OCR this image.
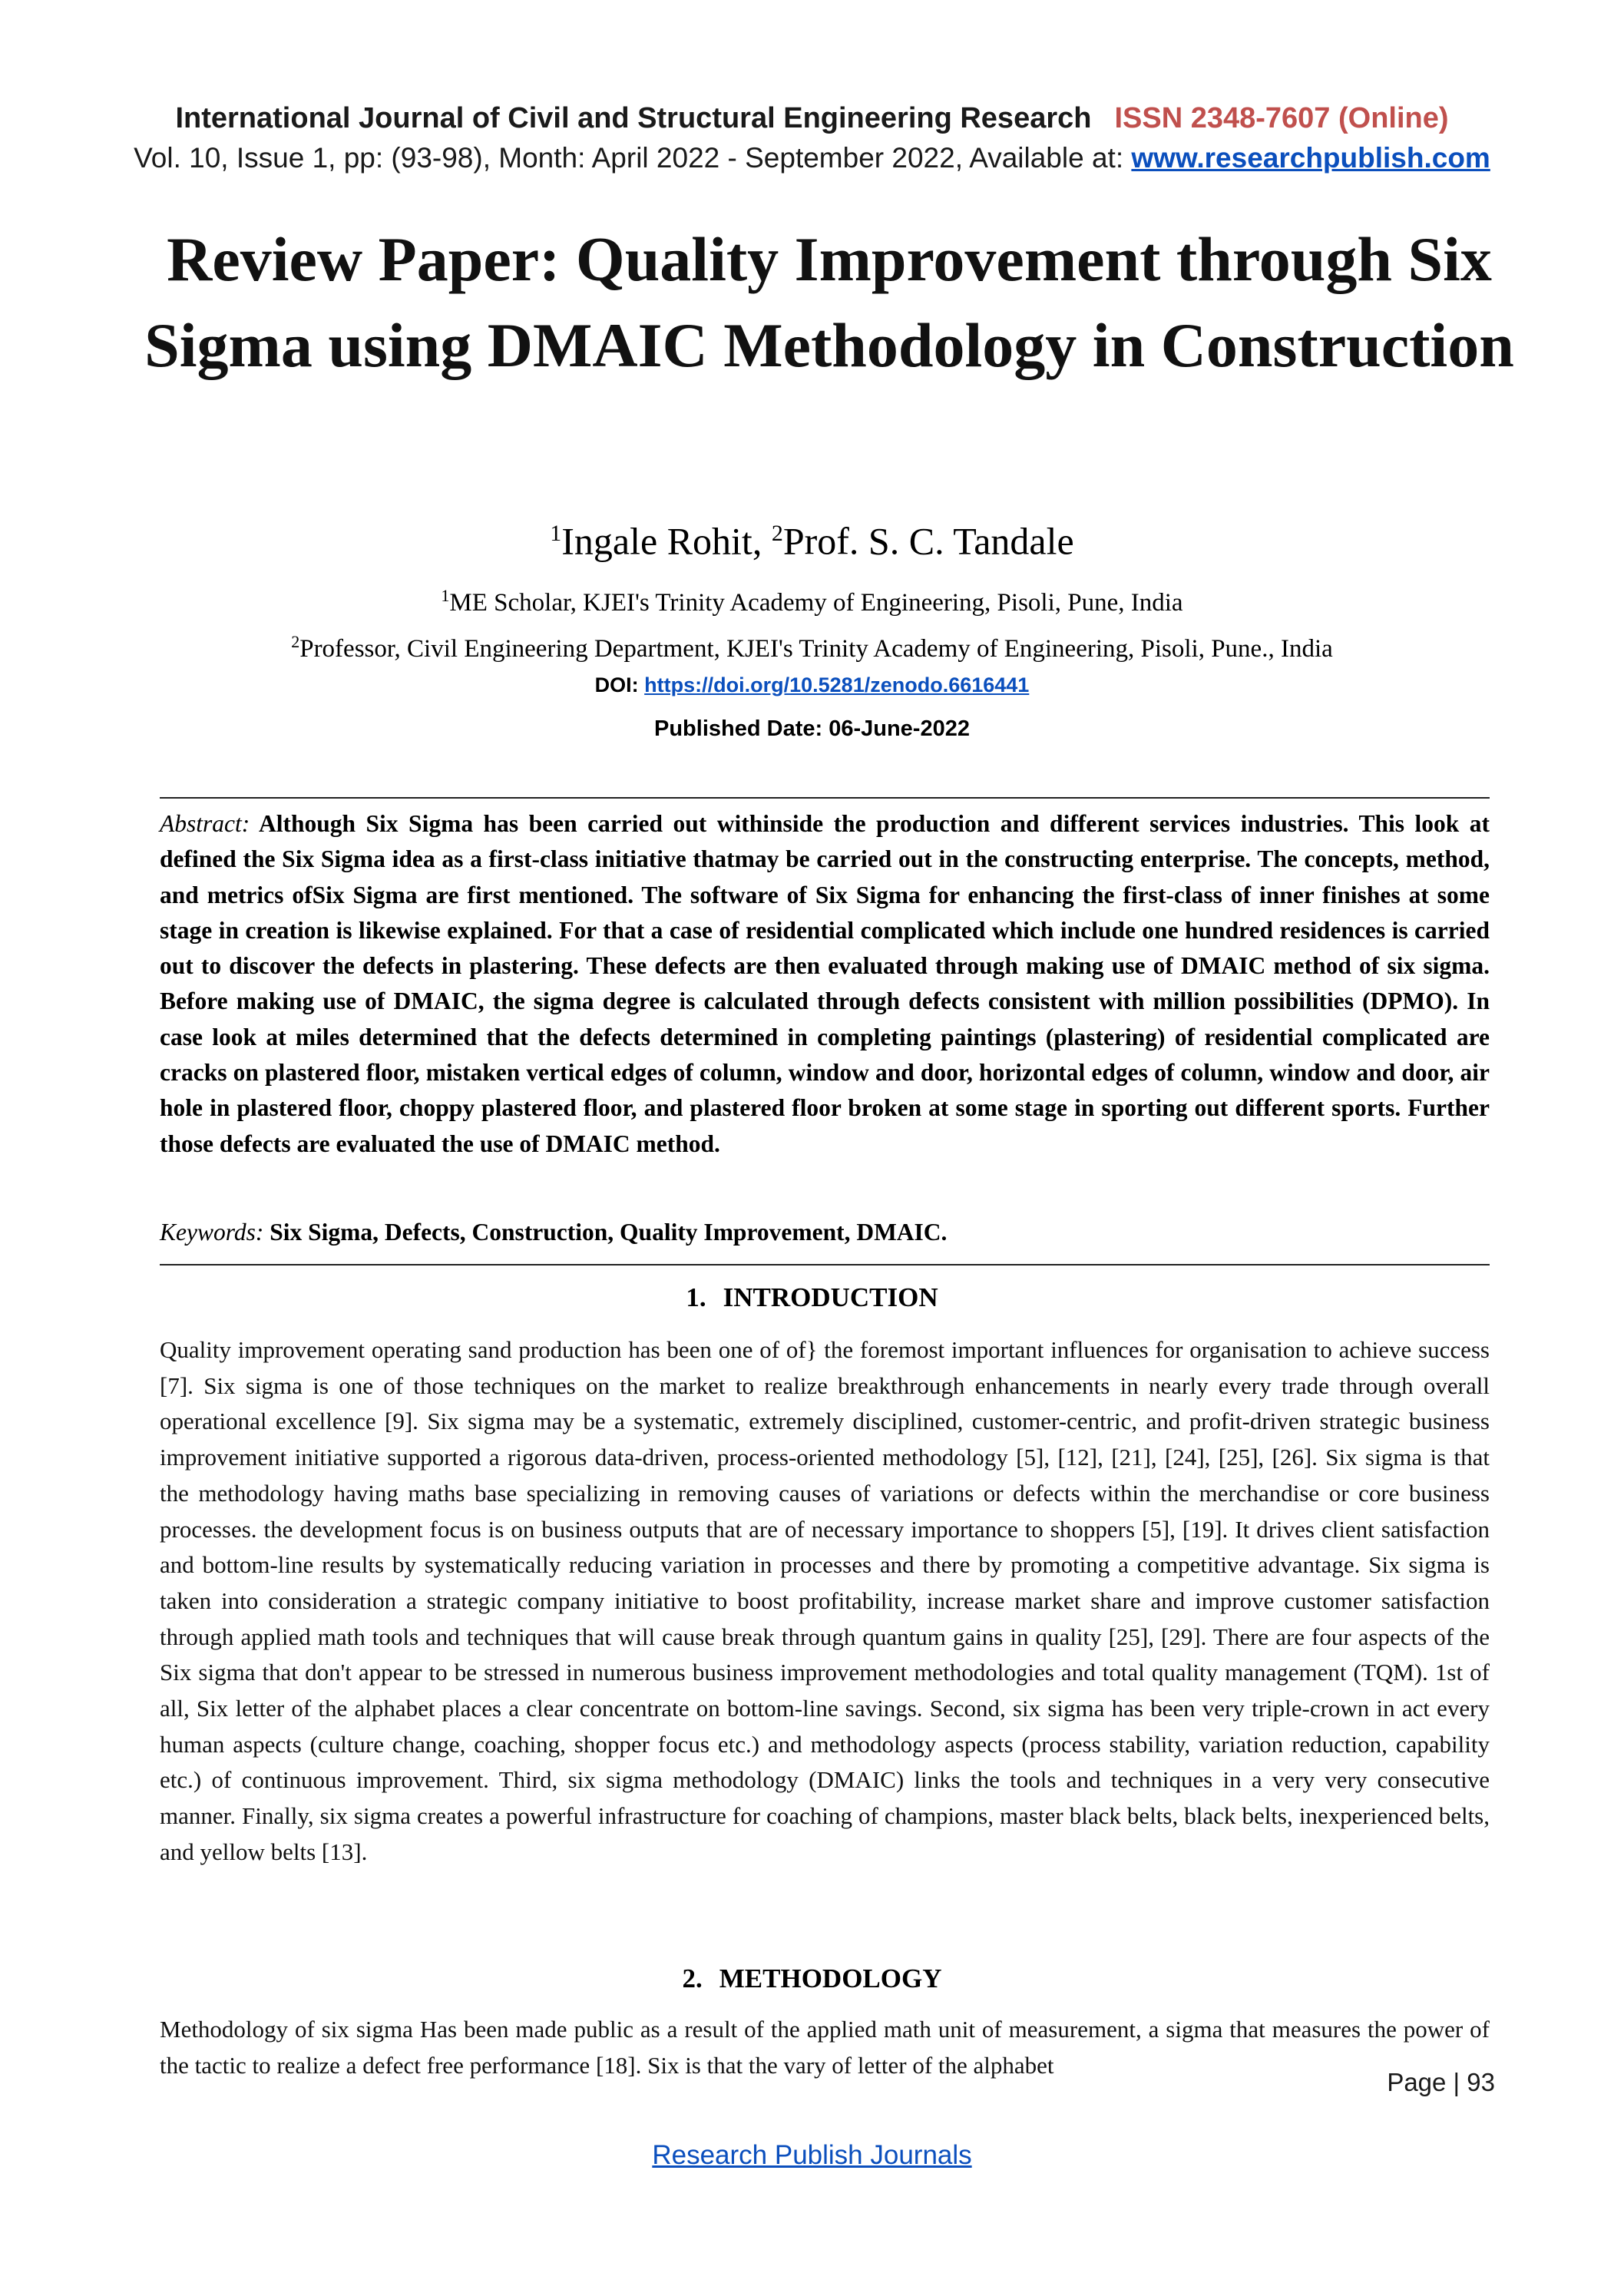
International Journal of Civil and Structural Engineering Research ISSN 2348-7607 (Online)
Vol. 10, Issue 1, pp: (93-98), Month: April 2022 - September 2022, Available at: www.researchpublish.com
Review Paper: Quality Improvement through Six Sigma using DMAIC Methodology in Construction
$^1$Ingale Rohit, $^2$Prof. S. C. Tandale
$^1$ME Scholar, KJEI's Trinity Academy of Engineering, Pisoli, Pune, India
$^2$Professor, Civil Engineering Department, KJEI's Trinity Academy of Engineering, Pisoli, Pune., India
DOI: https://doi.org/10.5281/zenodo.6616441
Published Date: 06-June-2022
Abstract: Although Six Sigma has been carried out withinside the production and different services industries. This look at defined the Six Sigma idea as a first-class initiative thatmay be carried out in the constructing enterprise. The concepts, method, and metrics ofSix Sigma are first mentioned. The software of Six Sigma for enhancing the first-class of inner finishes at some stage in creation is likewise explained. For that a case of residential complicated which include one hundred residences is carried out to discover the defects in plastering. These defects are then evaluated through making use of DMAIC method of six sigma. Before making use of DMAIC, the sigma degree is calculated through defects consistent with million possibilities (DPMO). In case look at miles determined that the defects determined in completing paintings (plastering) of residential complicated are cracks on plastered floor, mistaken vertical edges of column, window and door, horizontal edges of column, window and door, air hole in plastered floor, choppy plastered floor, and plastered floor broken at some stage in sporting out different sports. Further those defects are evaluated the use of DMAIC method.
Keywords: Six Sigma, Defects, Construction, Quality Improvement, DMAIC.
1. INTRODUCTION
Quality improvement operating sand production has been one of of} the foremost important influences for organisation to achieve success [7]. Six sigma is one of those techniques on the market to realize breakthrough enhancements in nearly every trade through overall operational excellence [9]. Six sigma may be a systematic, extremely disciplined, customer-centric, and profit-driven strategic business improvement initiative supported a rigorous data-driven, process-oriented methodology [5], [12], [21], [24], [25], [26]. Six sigma is that the methodology having maths base specializing in removing causes of variations or defects within the merchandise or core business processes. the development focus is on business outputs that are of necessary importance to shoppers [5], [19]. It drives client satisfaction and bottom-line results by systematically reducing variation in processes and there by promoting a competitive advantage. Six sigma is taken into consideration a strategic company initiative to boost profitability, increase market share and improve customer satisfaction through applied math tools and techniques that will cause break through quantum gains in quality [25], [29]. There are four aspects of the Six sigma that don't appear to be stressed in numerous business improvement methodologies and total quality management (TQM). 1st of all, Six letter of the alphabet places a clear concentrate on bottom-line savings. Second, six sigma has been very triple-crown in act every human aspects (culture change, coaching, shopper focus etc.) and methodology aspects (process stability, variation reduction, capability etc.) of continuous improvement. Third, six sigma methodology (DMAIC) links the tools and techniques in a very very consecutive manner. Finally, six sigma creates a powerful infrastructure for coaching of champions, master black belts, black belts, inexperienced belts, and yellow belts [13].
2. METHODOLOGY
Methodology of six sigma Has been made public as a result of the applied math unit of measurement, a sigma that measures the power of the tactic to realize a defect free performance [18]. Six is that the vary of letter of the alphabet
Page | 93
Research Publish Journals
